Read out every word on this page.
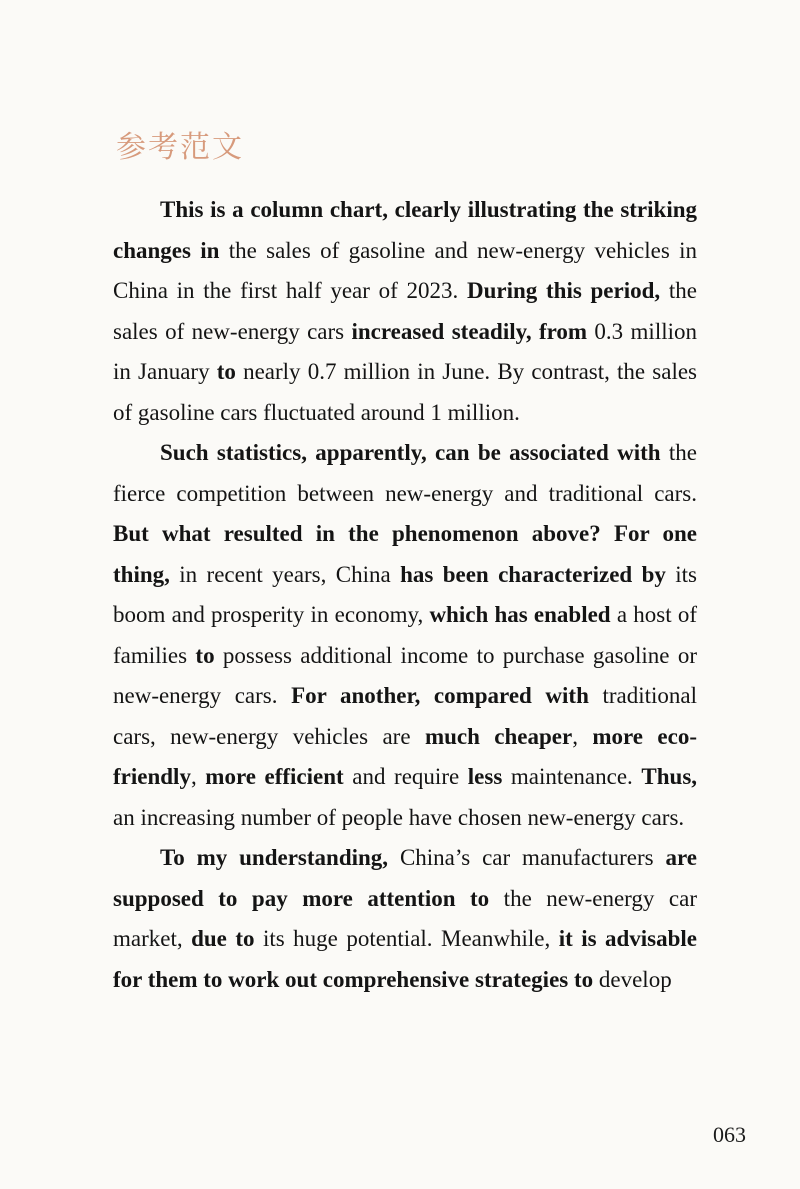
参考范文

This is a column chart, clearly illustrating the striking changes in the sales of gasoline and new-energy vehicles in China in the first half year of 2023. During this period, the sales of new-energy cars increased steadily, from 0.3 million in January to nearly 0.7 million in June. By contrast, the sales of gasoline cars fluctuated around 1 million.

Such statistics, apparently, can be associated with the fierce competition between new-energy and traditional cars. But what resulted in the phenomenon above? For one thing, in recent years, China has been characterized by its boom and prosperity in economy, which has enabled a host of families to possess additional income to purchase gasoline or new-energy cars. For another, compared with traditional cars, new-energy vehicles are much cheaper, more eco-friendly, more efficient and require less maintenance. Thus, an increasing number of people have chosen new-energy cars.

To my understanding, China’s car manufacturers are supposed to pay more attention to the new-energy car market, due to its huge potential. Meanwhile, it is advisable for them to work out comprehensive strategies to develop

063
